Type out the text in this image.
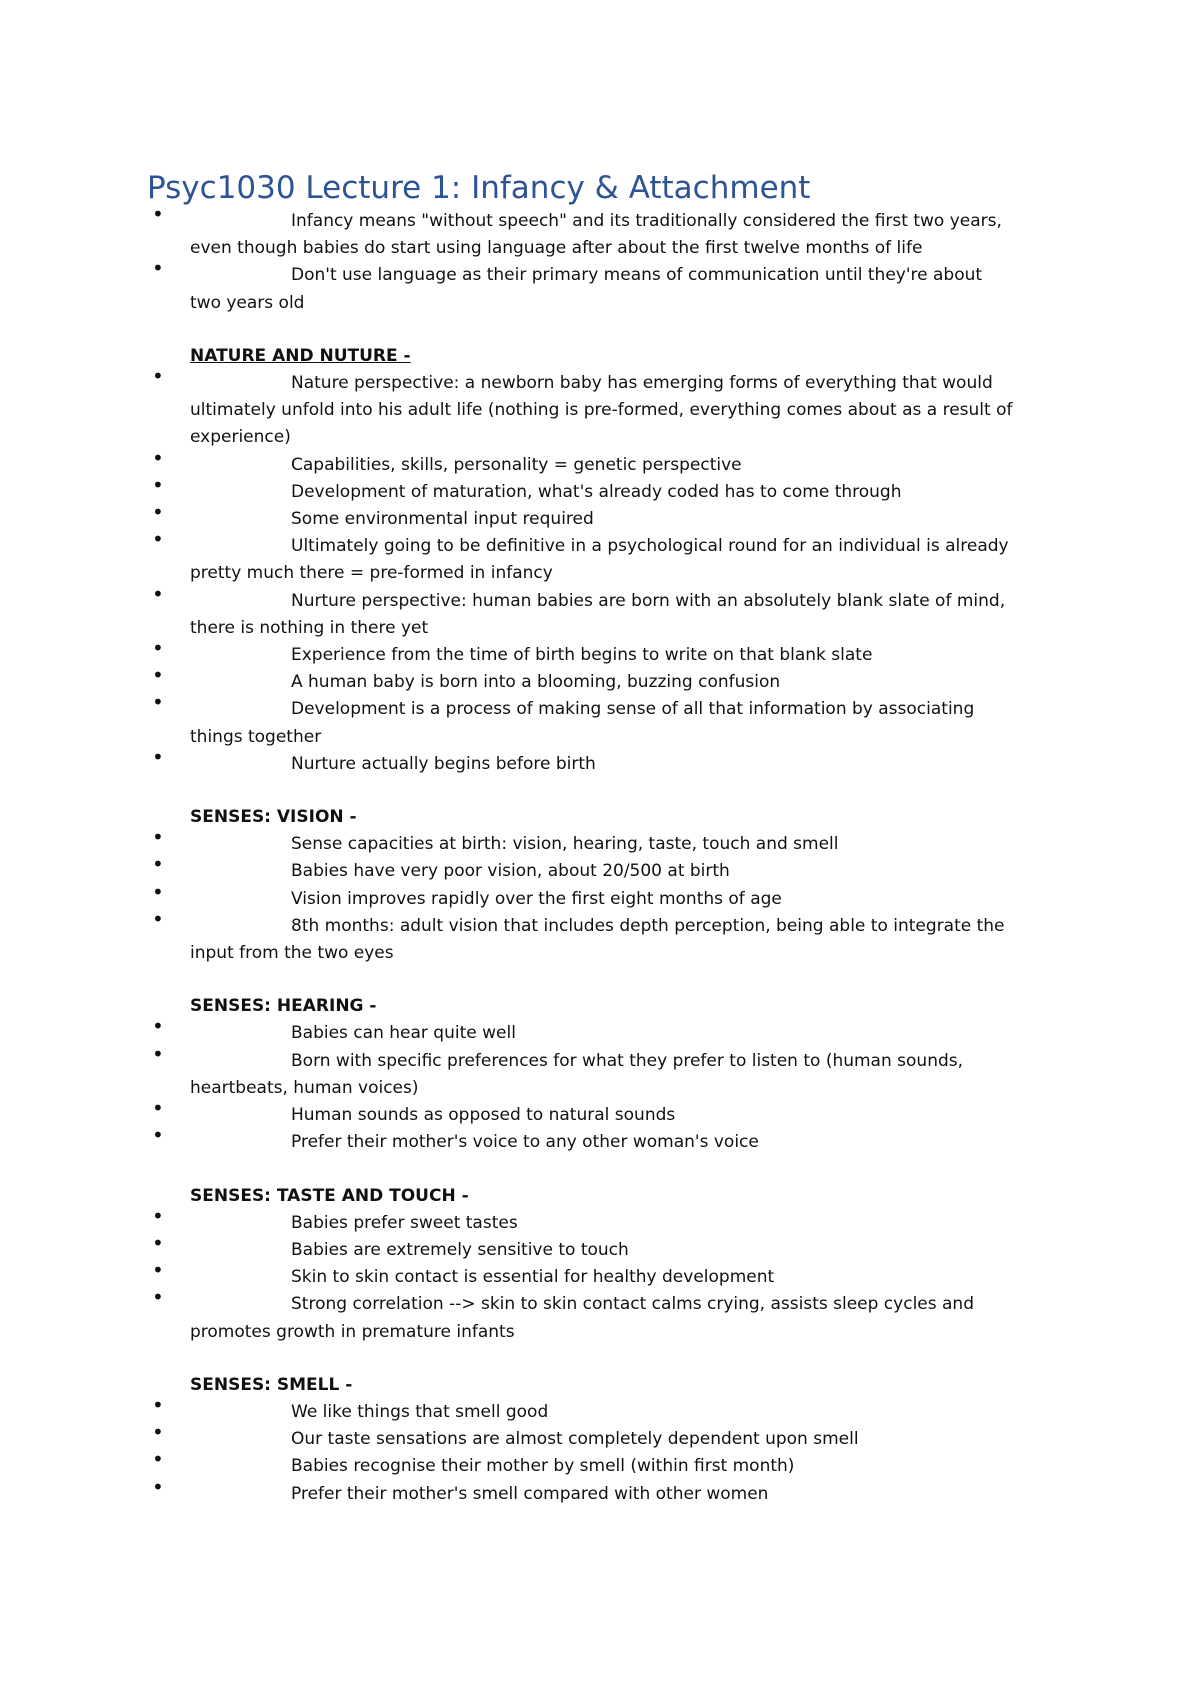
Psyc1030 Lecture 1: Infancy & Attachment
•	Infancy means "without speech" and its traditionally considered the first two years,
even though babies do start using language after about the first twelve months of life
•	Don't use language as their primary means of communication until they're about
two years old
NATURE AND NUTURE -
•	Nature perspective: a newborn baby has emerging forms of everything that would
ultimately unfold into his adult life (nothing is pre-formed, everything comes about as a result of
experience)
•	Capabilities, skills, personality = genetic perspective
•	Development of maturation, what's already coded has to come through
•	Some environmental input required
•	Ultimately going to be definitive in a psychological round for an individual is already
pretty much there = pre-formed in infancy
•	Nurture perspective: human babies are born with an absolutely blank slate of mind,
there is nothing in there yet
•	Experience from the time of birth begins to write on that blank slate
•	A human baby is born into a blooming, buzzing confusion
•	Development is a process of making sense of all that information by associating
things together
•	Nurture actually begins before birth
SENSES: VISION -
•	Sense capacities at birth: vision, hearing, taste, touch and smell
•	Babies have very poor vision, about 20/500 at birth
•	Vision improves rapidly over the first eight months of age
•	8th months: adult vision that includes depth perception, being able to integrate the
input from the two eyes
SENSES: HEARING -
•	Babies can hear quite well
•	Born with specific preferences for what they prefer to listen to (human sounds,
heartbeats, human voices)
•	Human sounds as opposed to natural sounds
•	Prefer their mother's voice to any other woman's voice
SENSES: TASTE AND TOUCH -
•	Babies prefer sweet tastes
•	Babies are extremely sensitive to touch
•	Skin to skin contact is essential for healthy development
•	Strong correlation --> skin to skin contact calms crying, assists sleep cycles and
promotes growth in premature infants
SENSES: SMELL -
•	We like things that smell good
•	Our taste sensations are almost completely dependent upon smell
•	Babies recognise their mother by smell (within first month)
•	Prefer their mother's smell compared with other women
